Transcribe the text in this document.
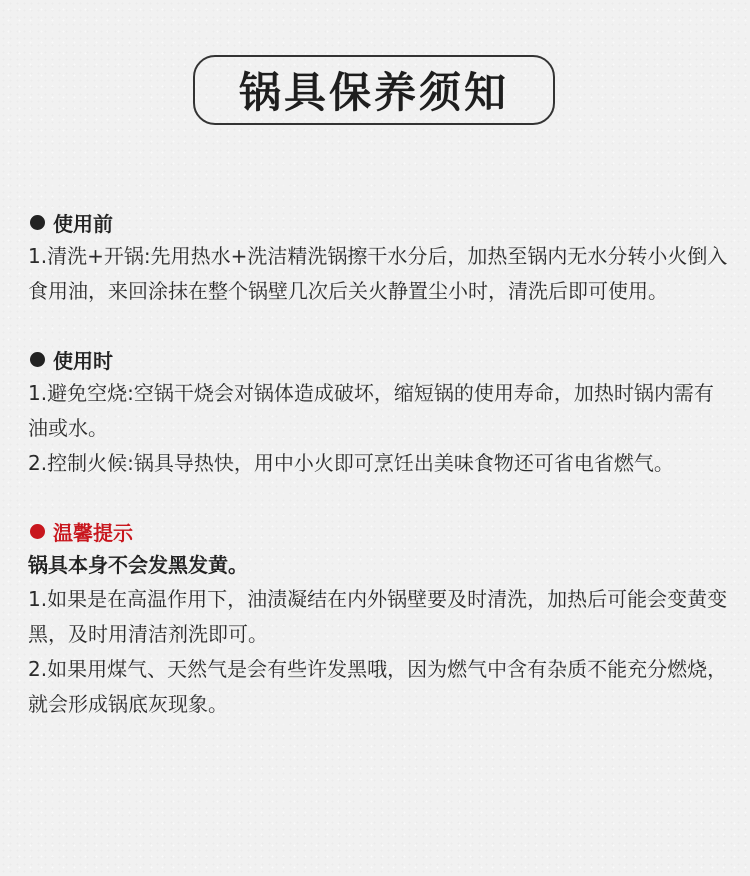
锅具保养须知
使用前

1.清洗+开锅:先用热水+洗洁精洗锅擦干水分后，加热至锅内无水分转小火倒入食用油，来回涂抹在整个锅壁几次后关火静置尘小时，清洗后即可使用。

使用时

1.避免空烧:空锅干烧会对锅体造成破坏，缩短锅的使用寿命，加热时锅内需有油或水。

2.控制火候:锅具导热快，用中小火即可烹饪出美味食物还可省电省燃气。

温馨提示
锅具本身不会发黑发黄。

1.如果是在高温作用下，油渍凝结在内外锅壁要及时清洗，加热后可能会变黄变黑，及时用清洁剂洗即可。

2.如果用煤气、天然气是会有些许发黑哦，因为燃气中含有杂质不能充分燃烧，就会形成锅底灰现象。
